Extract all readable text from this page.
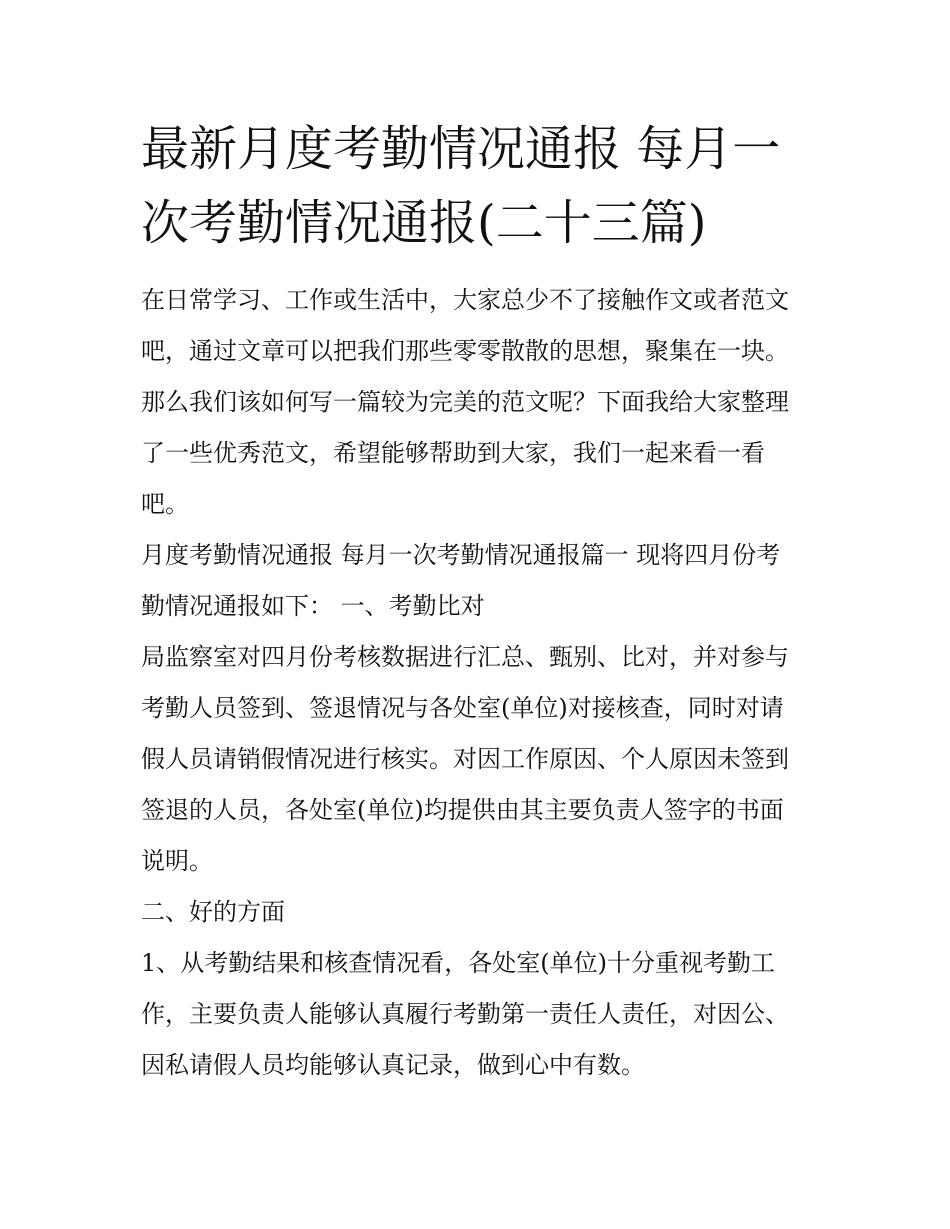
最新月度考勤情况通报 每月一
次考勤情况通报(二十三篇)

在日常学习、工作或生活中，大家总少不了接触作文或者范文

吧，通过文章可以把我们那些零零散散的思想，聚集在一块。

那么我们该如何写一篇较为完美的范文呢？下面我给大家整理

了一些优秀范文，希望能够帮助到大家，我们一起来看一看

吧。

月度考勤情况通报 每月一次考勤情况通报篇一 现将四月份考

勤情况通报如下： 一、考勤比对

局监察室对四月份考核数据进行汇总、甄别、比对，并对参与

考勤人员签到、签退情况与各处室(单位)对接核查，同时对请

假人员请销假情况进行核实。对因工作原因、个人原因未签到

签退的人员，各处室(单位)均提供由其主要负责人签字的书面

说明。

二、好的方面

1、从考勤结果和核查情况看，各处室(单位)十分重视考勤工

作，主要负责人能够认真履行考勤第一责任人责任，对因公、

因私请假人员均能够认真记录，做到心中有数。
